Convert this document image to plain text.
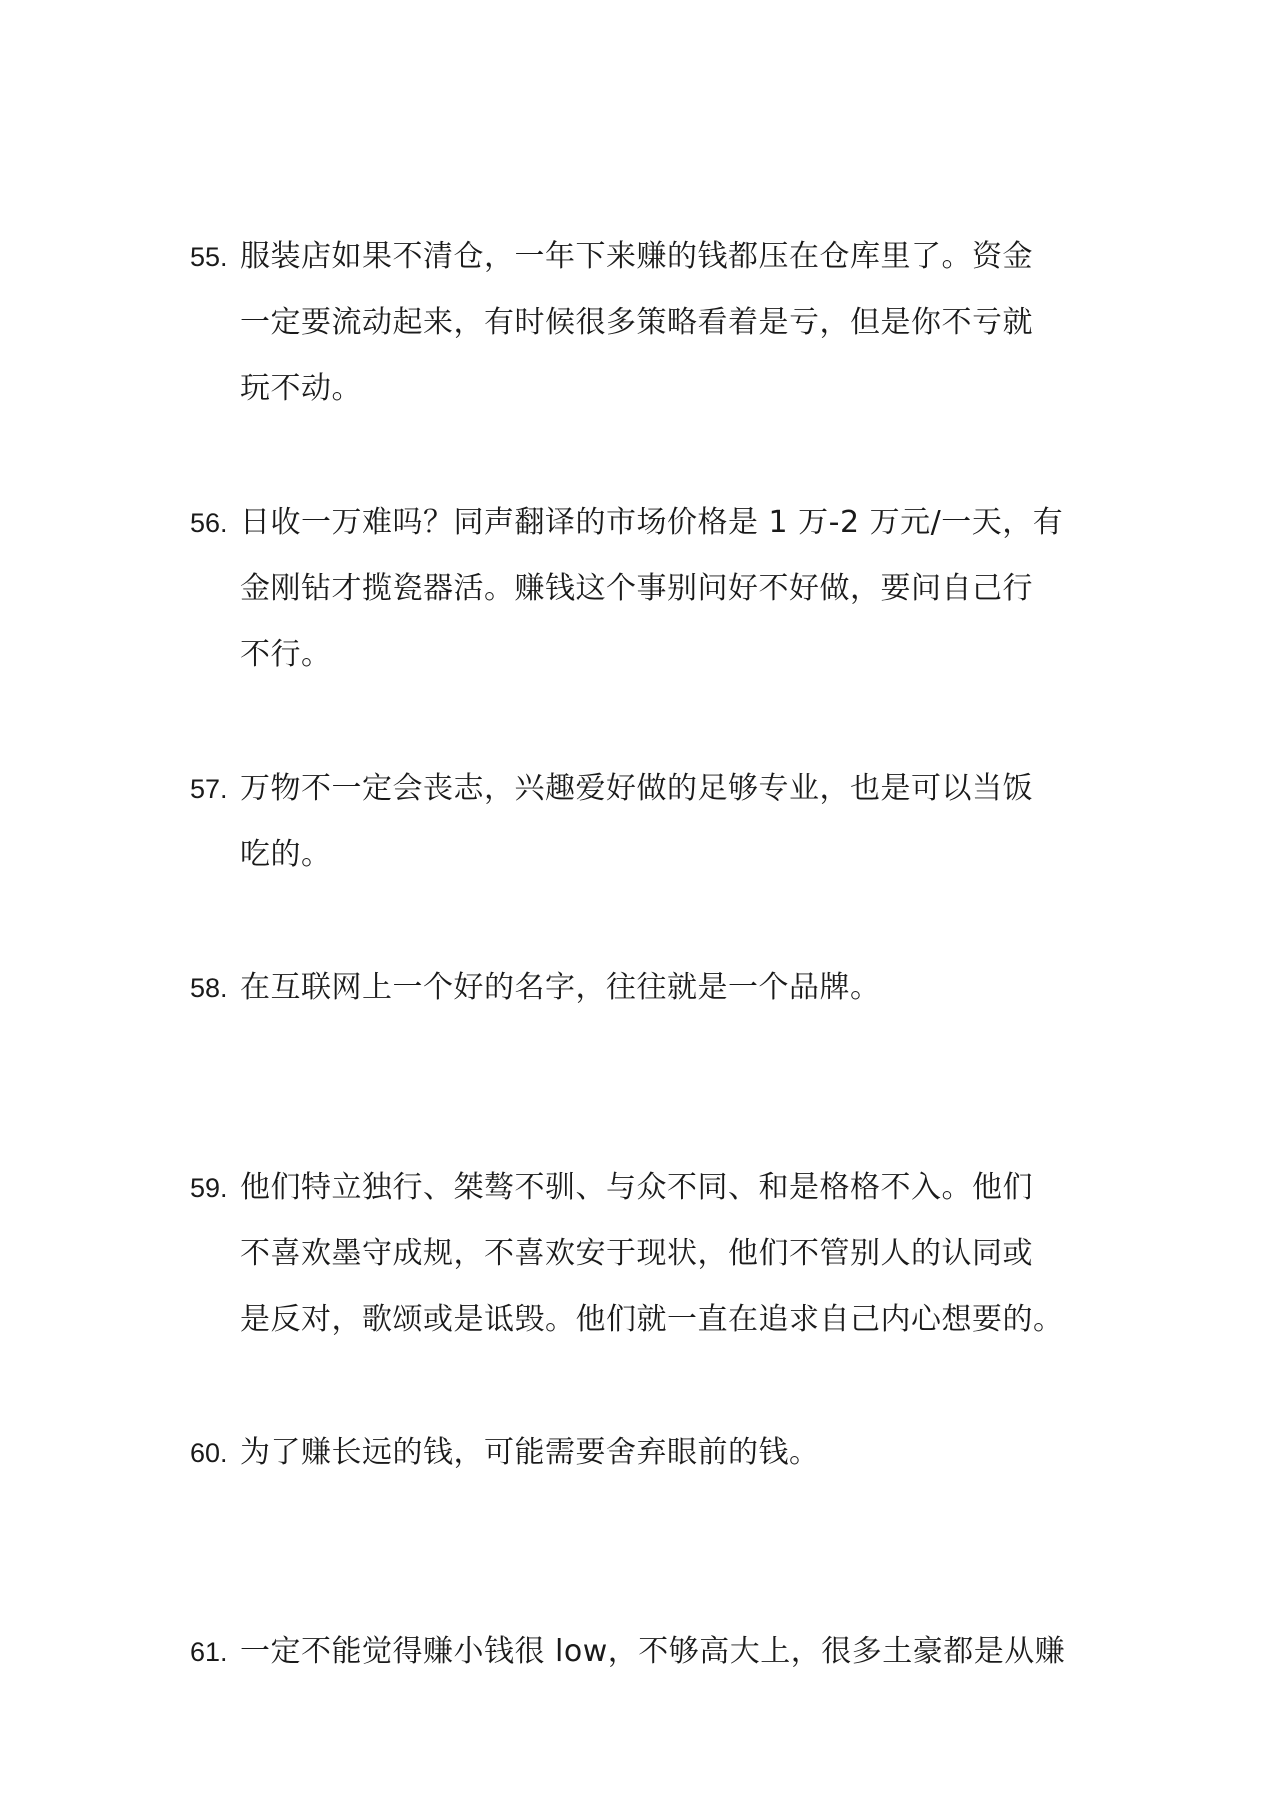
55. 服装店如果不清仓，一年下来赚的钱都压在仓库里了。资金
一定要流动起来，有时候很多策略看着是亏，但是你不亏就
玩不动。
56. 日收一万难吗？同声翻译的市场价格是 1 万-2 万元/一天，有
金刚钻才揽瓷器活。赚钱这个事别问好不好做，要问自己行
不行。
57. 万物不一定会丧志，兴趣爱好做的足够专业，也是可以当饭
吃的。
58. 在互联网上一个好的名字，往往就是一个品牌。
59. 他们特立独行、桀骜不驯、与众不同、和是格格不入。他们
不喜欢墨守成规，不喜欢安于现状，他们不管别人的认同或
是反对，歌颂或是诋毁。他们就一直在追求自己内心想要的。
60. 为了赚长远的钱，可能需要舍弃眼前的钱。
61. 一定不能觉得赚小钱很 low，不够高大上，很多土豪都是从赚
